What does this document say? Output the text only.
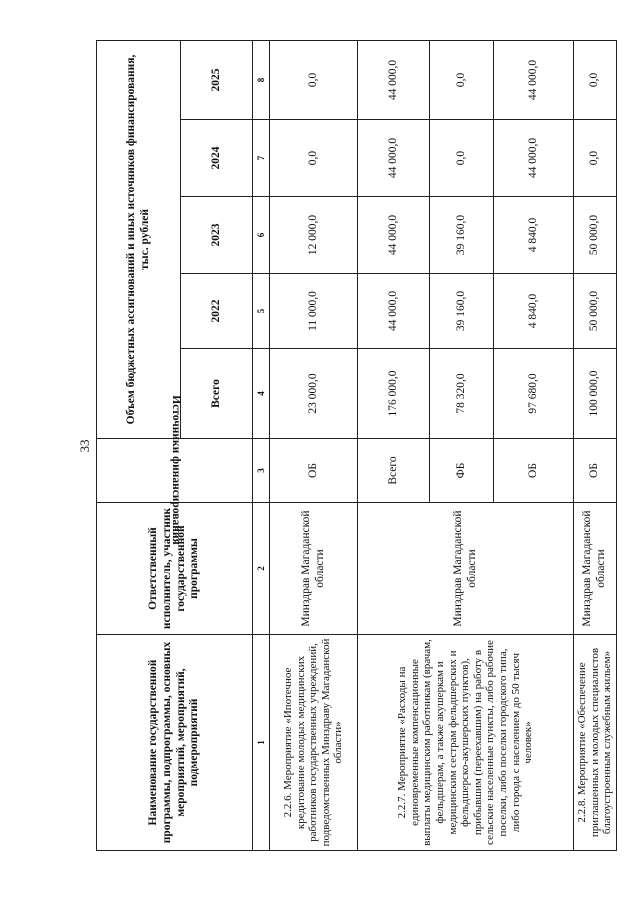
33
Наименование государственной программы, подпрограммы, основных мероприятий, мероприятий, подмероприятий	Ответственный исполнитель, участник государственной программы	Источники финансирования	Объем бюджетных ассигнований и иных источников финансирования, тыс. рублей				
			Всего	2022	2023	2024	2025
1	2	3	4	5	6	7	8
2.2.6. Мероприятие «Ипотечное кредитование молодых медицинских работников государственных учреждений, подведомственных Минздраву Магаданской области»	Минздрав Магаданской области	ОБ	23 000,0	11 000,0	12 000,0	0,0	0,0
2.2.7. Мероприятие «Расходы на единовременные компенсационные выплаты медицинским работникам (врачам, фельдшерам, а также акушеркам и медицинским сестрам фельдшерских и фельдшерско-акушерских пунктов), прибывшим (переехавшим) на работу в сельские населенные пункты, либо рабочие поселки, либо поселки городского типа, либо города с населением до 50 тысяч человек»	Минздрав Магаданской области	Всего	176 000,0	44 000,0	44 000,0	44 000,0	44 000,0
		ФБ	78 320,0	39 160,0	39 160,0	0,0	0,0
		ОБ	97 680,0	4 840,0	4 840,0	44 000,0	44 000,0
2.2.8. Мероприятие «Обеспечение приглашенных и молодых специалистов благоустроенным служебным жильем»	Минздрав Магаданской области	ОБ	100 000,0	50 000,0	50 000,0	0,0	0,0
